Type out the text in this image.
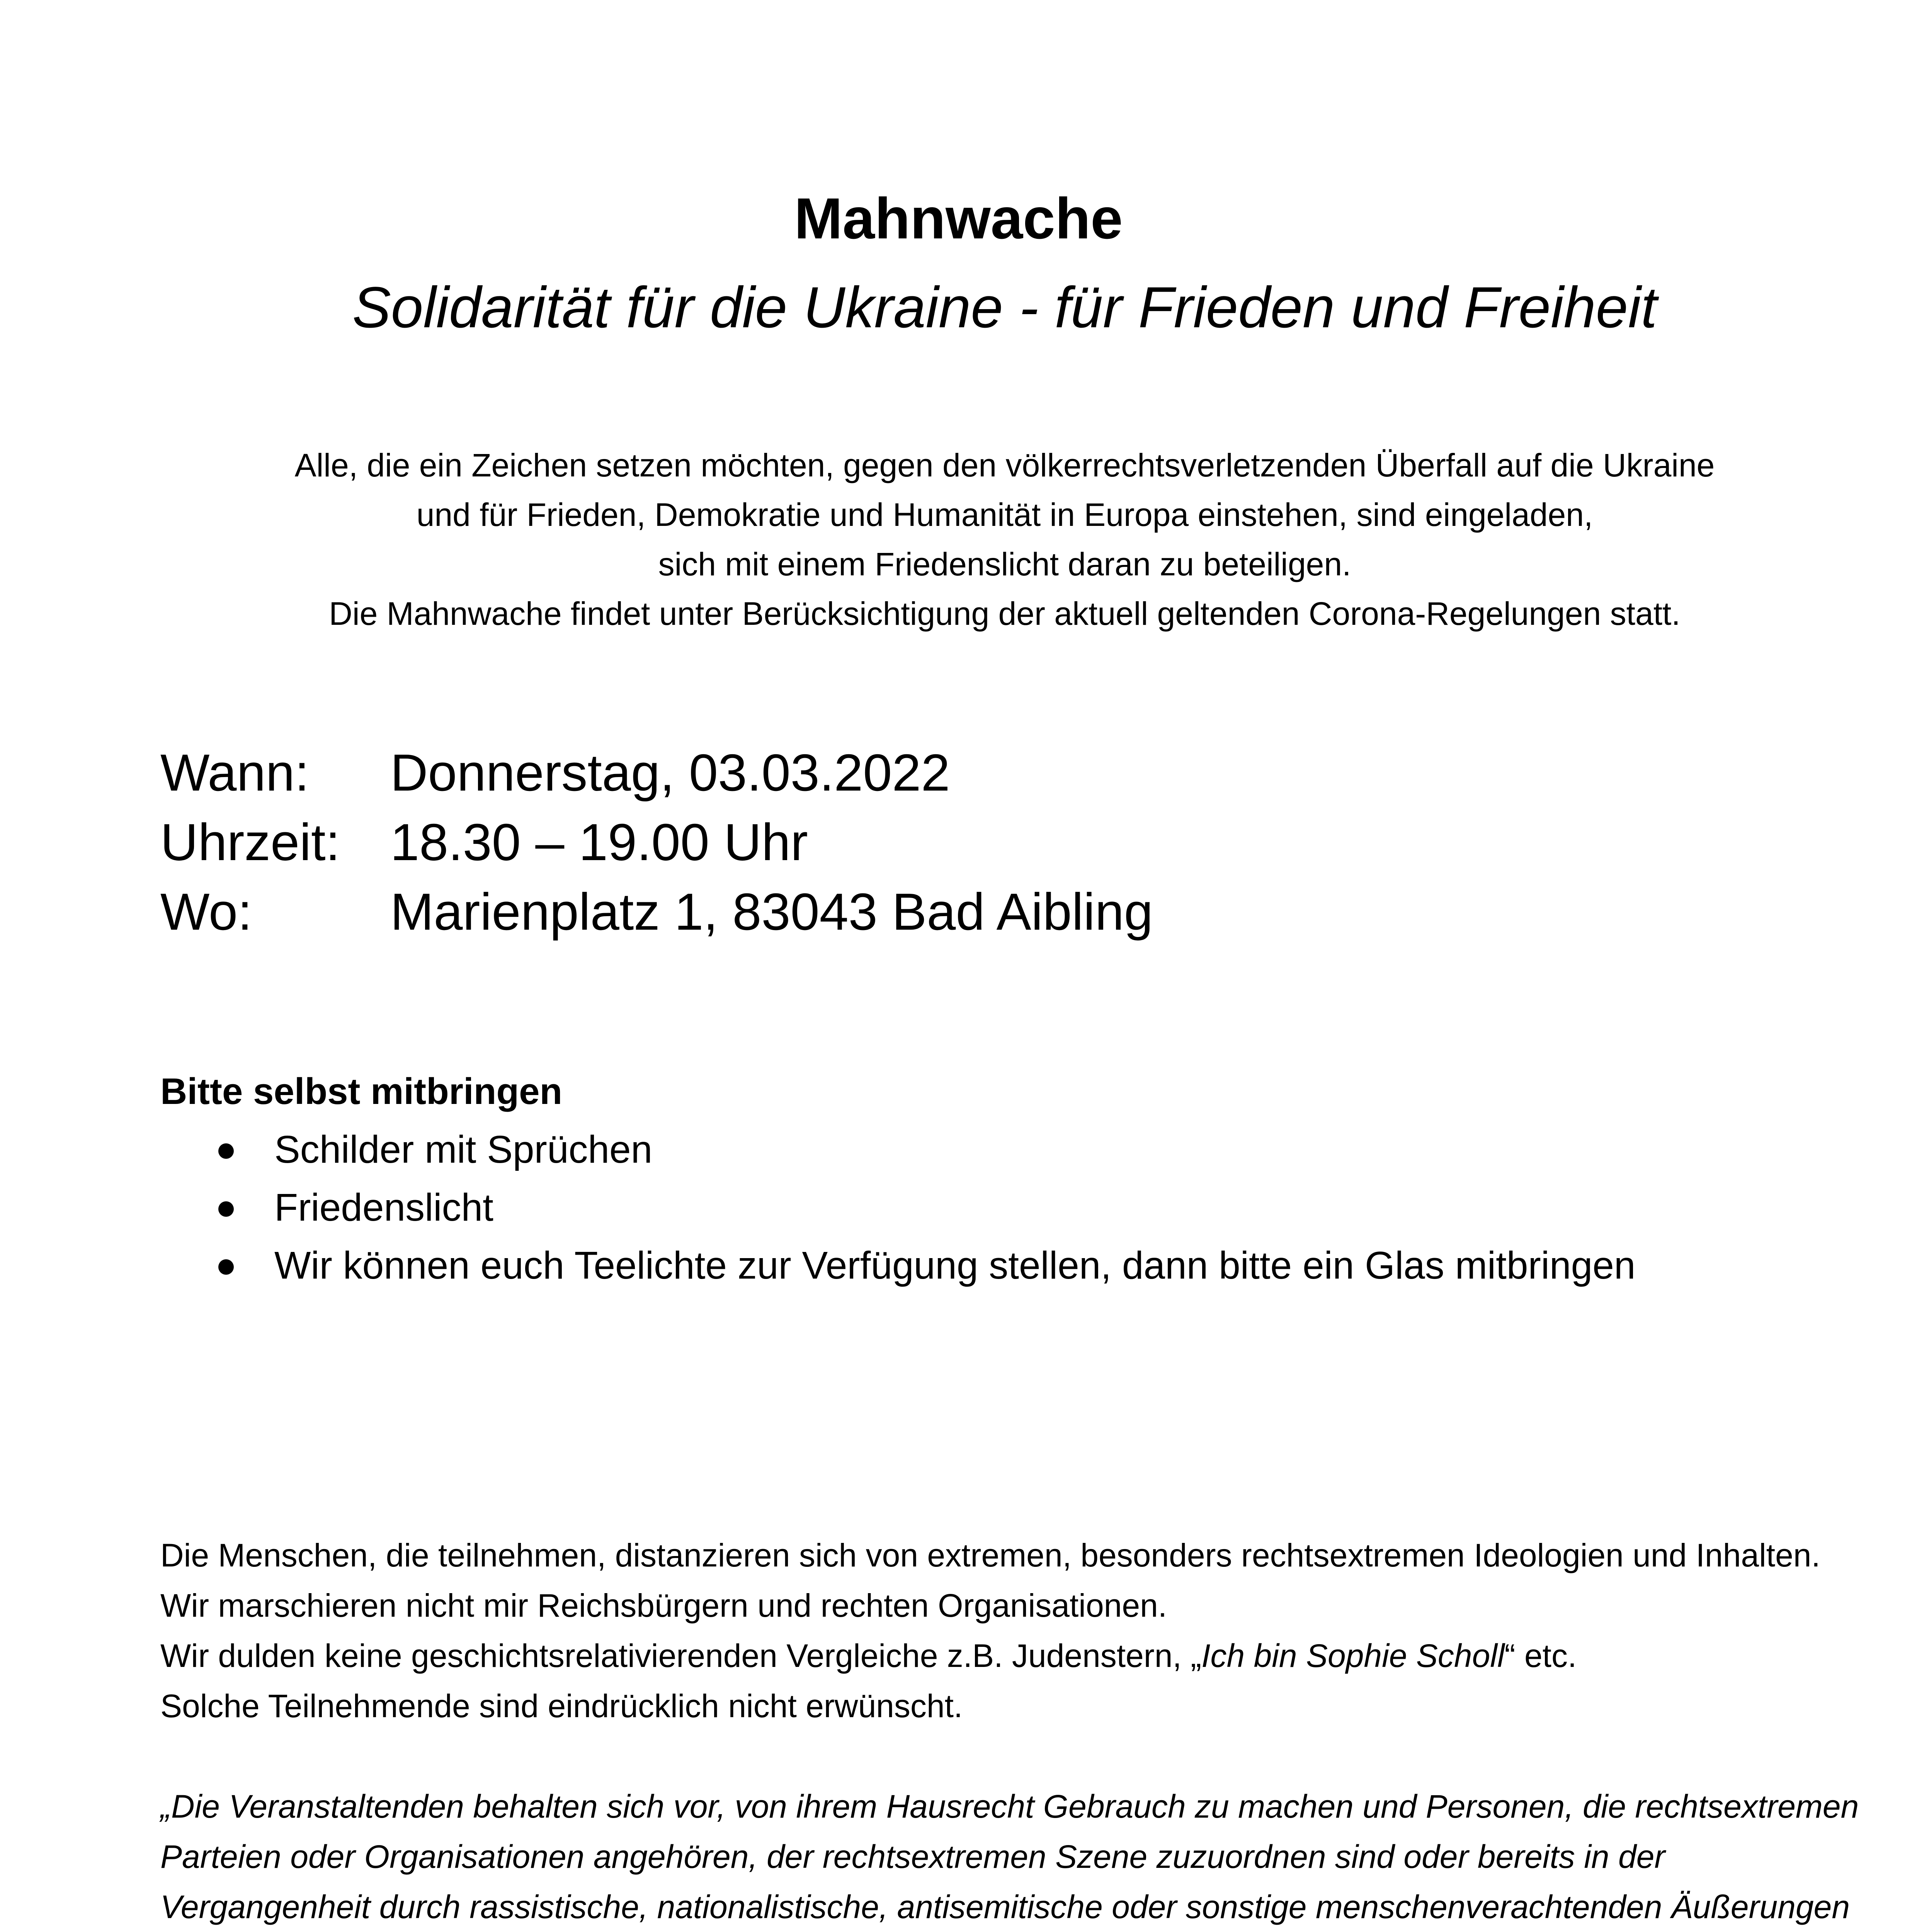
Mahnwache
Solidarität für die Ukraine - für Frieden und Freiheit
Alle, die ein Zeichen setzen möchten, gegen den völkerrechtsverletzenden Überfall auf die Ukraine
und für Frieden, Demokratie und Humanität in Europa einstehen, sind eingeladen,
sich mit einem Friedenslicht daran zu beteiligen.
Die Mahnwache findet unter Berücksichtigung der aktuell geltenden Corona-Regelungen statt.
Wann: Donnerstag, 03.03.2022
Uhrzeit: 18.30 – 19.00 Uhr
Wo:	Marienplatz 1, 83043 Bad Aibling
Bitte selbst mitbringen
Schilder mit Sprüchen
Friedenslicht
Wir können euch Teelichte zur Verfügung stellen, dann bitte ein Glas mitbringen
Die Menschen, die teilnehmen, distanzieren sich von extremen, besonders rechtsextremen Ideologien und Inhalten.
Wir marschieren nicht mir Reichsbürgern und rechten Organisationen.
Wir dulden keine geschichtsrelativierenden Vergleiche z.B. Judenstern, „Ich bin Sophie Scholl“ etc.
Solche Teilnehmende sind eindrücklich nicht erwünscht.
„Die Veranstaltenden behalten sich vor, von ihrem Hausrecht Gebrauch zu machen und Personen, die rechtsextremen
Parteien oder Organisationen angehören, der rechtsextremen Szene zuzuordnen sind oder bereits in der
Vergangenheit durch rassistische, nationalistische, antisemitische oder sonstige menschenverachtenden Äußerungen
